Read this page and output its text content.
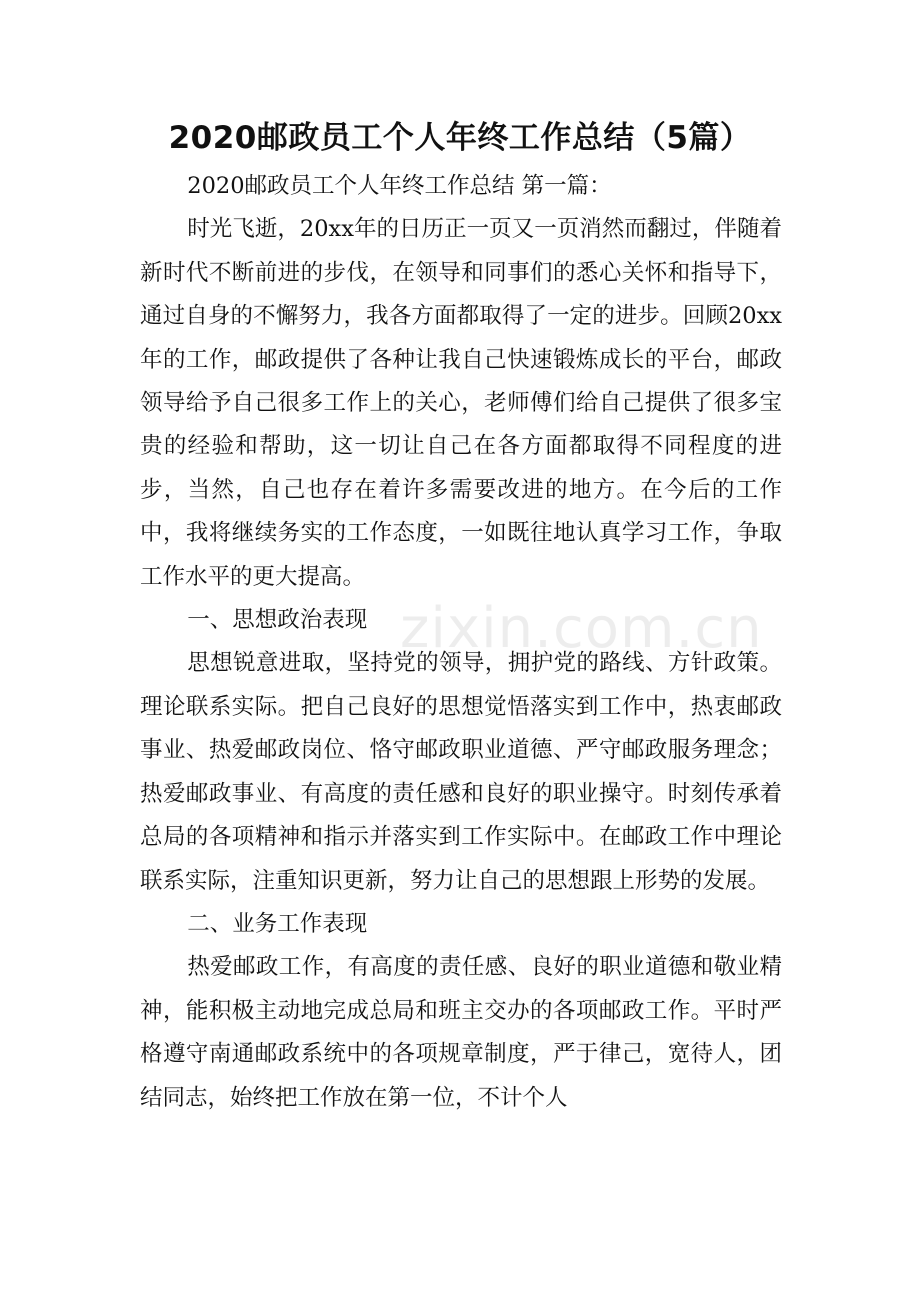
2020邮政员工个人年终工作总结（5篇）

2020邮政员工个人年终工作总结 第一篇：

时光飞逝，20xx年的日历正一页又一页消然而翻过，伴随着新时代不断前进的步伐，在领导和同事们的悉心关怀和指导下，通过自身的不懈努力，我各方面都取得了一定的进步。回顾20xx年的工作，邮政提供了各种让我自己快速锻炼成长的平台，邮政领导给予自己很多工作上的关心，老师傅们给自己提供了很多宝贵的经验和帮助，这一切让自己在各方面都取得不同程度的进步，当然，自己也存在着许多需要改进的地方。在今后的工作中，我将继续务实的工作态度，一如既往地认真学习工作，争取工作水平的更大提高。

一、思想政治表现

思想锐意进取，坚持党的领导，拥护党的路线、方针政策。理论联系实际。把自己良好的思想觉悟落实到工作中，热衷邮政事业、热爱邮政岗位、恪守邮政职业道德、严守邮政服务理念；热爱邮政事业、有高度的责任感和良好的职业操守。时刻传承着总局的各项精神和指示并落实到工作实际中。在邮政工作中理论联系实际，注重知识更新，努力让自己的思想跟上形势的发展。

二、业务工作表现

热爱邮政工作，有高度的责任感、良好的职业道德和敬业精神，能积极主动地完成总局和班主交办的各项邮政工作。平时严格遵守南通邮政系统中的各项规章制度，严于律己，宽待人，团结同志，始终把工作放在第一位，不计个人

zixin.com.cn
